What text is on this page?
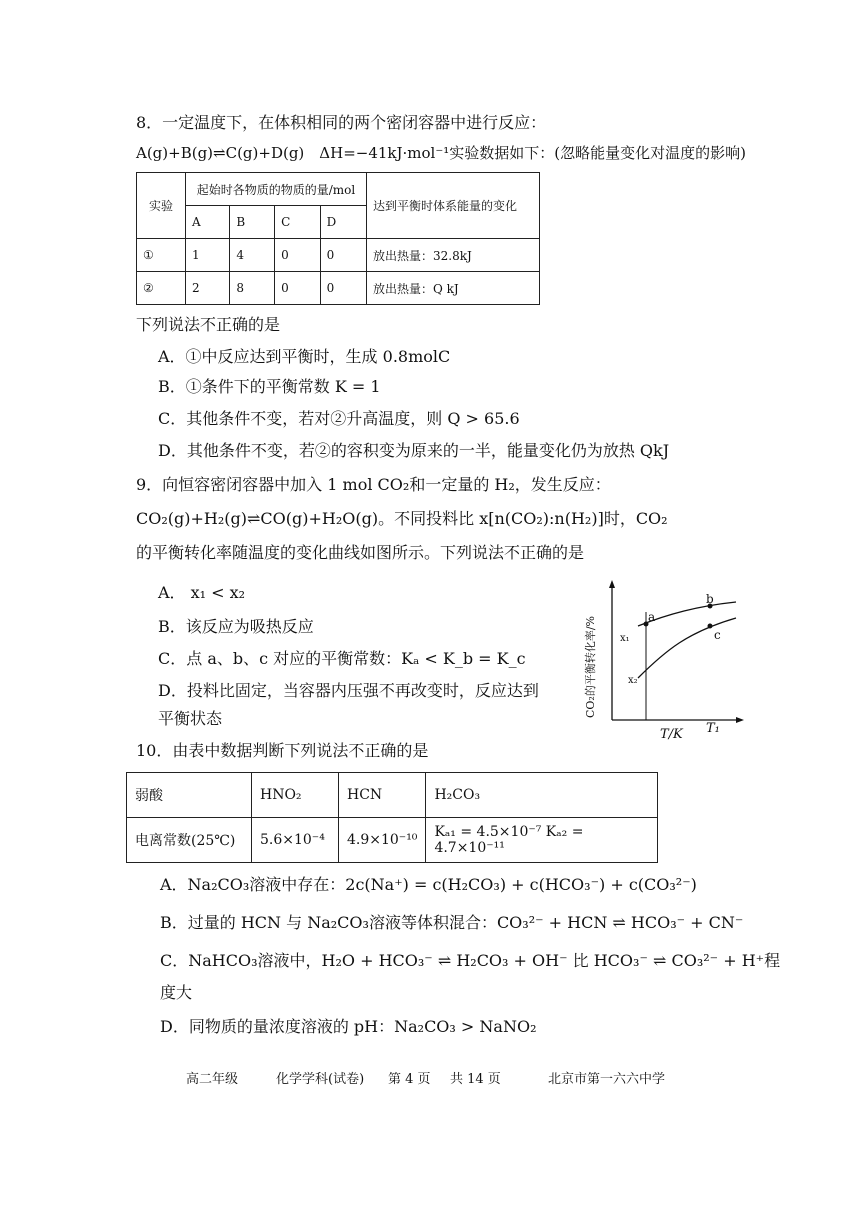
8．一定温度下，在体积相同的两个密闭容器中进行反应：
A(g)+B(g)⇌C(g)+D(g)　ΔH=−41kJ·mol⁻¹实验数据如下：(忽略能量变化对温度的影响)
实验	起始时各物质的物质的量/mol				达到平衡时体系能量的变化
	A	B	C	D	
①	1	4	0	0	放出热量：32.8kJ
②	2	8	0	0	放出热量：Q kJ
下列说法不正确的是
A．①中反应达到平衡时，生成 0.8molC
B．①条件下的平衡常数 K = 1
C．其他条件不变，若对②升高温度，则 Q > 65.6
D．其他条件不变，若②的容积变为原来的一半，能量变化仍为放热 QkJ
9．向恒容密闭容器中加入 1 mol CO₂和一定量的 H₂，发生反应：
CO₂(g)+H₂(g)⇌CO(g)+H₂O(g)。不同投料比 x[n(CO₂):n(H₂)]时，CO₂
的平衡转化率随温度的变化曲线如图所示。下列说法不正确的是
A． x₁ < x₂
B．该反应为吸热反应
C．点 a、b、c 对应的平衡常数：Kₐ < K_b = K_c
D．投料比固定，当容器内压强不再改变时，反应达到
平衡状态
CO₂的平衡转化率/%	a
b
c
x₁
x₂
T/K T₁
10．由表中数据判断下列说法不正确的是
弱酸	HNO₂	HCN	H₂CO₃
电离常数(25℃)	5.6×10⁻⁴	4.9×10⁻¹⁰	Kₐ₁ = 4.5×10⁻⁷ Kₐ₂ = 4.7×10⁻¹¹
A．Na₂CO₃溶液中存在：2c(Na⁺) = c(H₂CO₃) + c(HCO₃⁻) + c(CO₃²⁻)
B．过量的 HCN 与 Na₂CO₃溶液等体积混合：CO₃²⁻ + HCN ⇌ HCO₃⁻ + CN⁻
C．NaHCO₃溶液中，H₂O + HCO₃⁻ ⇌ H₂CO₃ + OH⁻ 比 HCO₃⁻ ⇌ CO₃²⁻ + H⁺程
度大
D．同物质的量浓度溶液的 pH：Na₂CO₃ > NaNO₂
高二年级	化学学科(试卷) 第 4 页 共 14 页	北京市第一六六中学
